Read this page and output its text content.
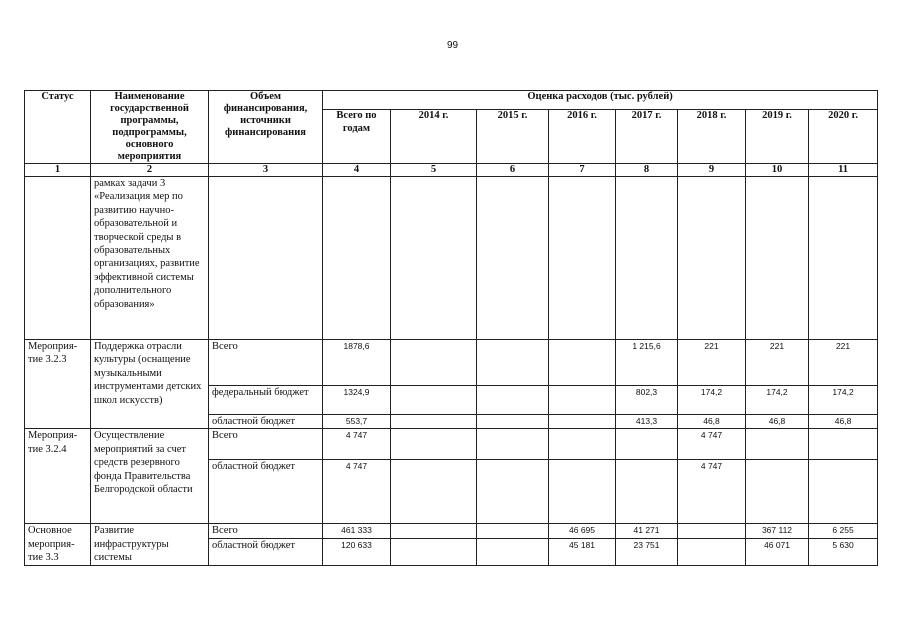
99
Статус	Наименование государственной программы, подпрограммы, основного мероприятия	Объем финансирования, источники финансирования	Оценка расходов (тыс. рублей)							
			Всего по годам	2014 г.	2015 г.	2016 г.	2017 г.	2018 г.	2019 г.	2020 г.
1	2	3	4	5	6	7	8	9	10	11
	рамках задачи 3 «Реализация мер по развитию научно-образовательной и творческой среды в образовательных организациях, развитие эффективной системы дополнительного образования»									
Мероприя-тие 3.2.3	Поддержка отрасли культуры (оснащение музыкальными инструментами детских школ искусств)	Всего	1878,6				1 215,6	221	221	221
		федеральный бюджет	1324,9				802,3	174,2	174,2	174,2
		областной бюджет	553,7				413,3	46,8	46,8	46,8
Мероприя-тие 3.2.4	Осуществление мероприятий за счет средств резервного фонда Правительства Белгородской области	Всего	4 747					4 747		
		областной бюджет	4 747					4 747		
Основное мероприя-тие 3.3	Развитие инфраструктуры системы	Всего	461 333			46 695	41 271		367 112	6 255
		областной бюджет	120 633			45 181	23 751		46 071	5 630
